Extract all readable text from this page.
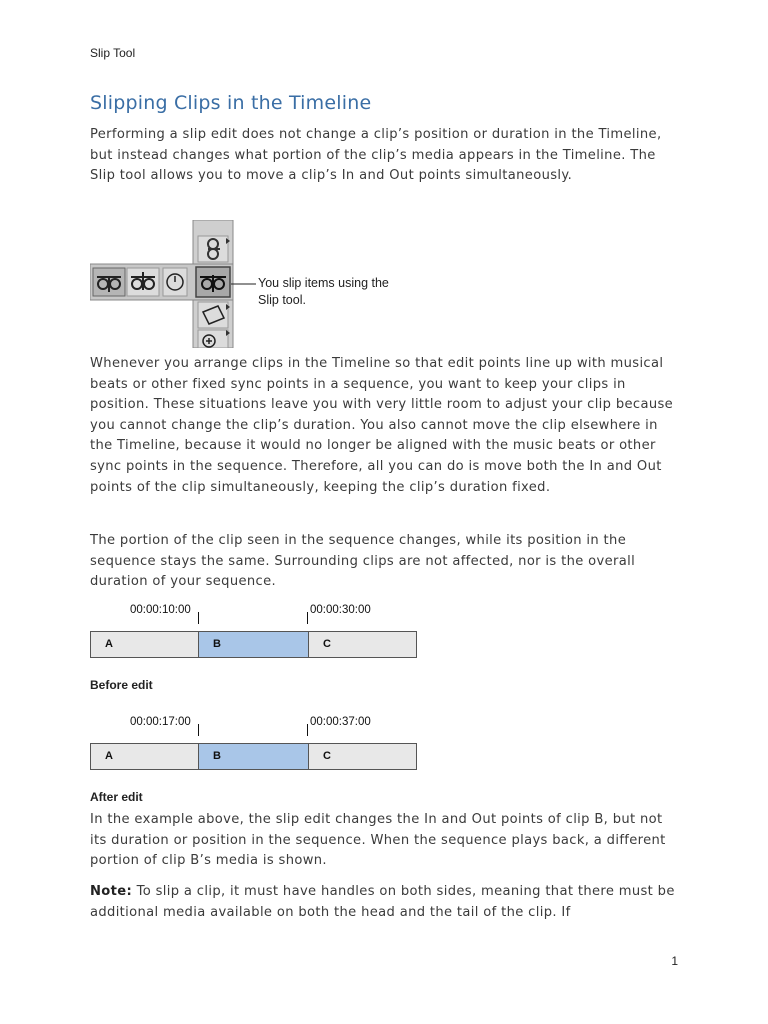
Slip Tool
Slipping Clips in the Timeline
Performing a slip edit does not change a clip’s position or duration in the Timeline, but instead changes what portion of the clip’s media appears in the Timeline. The Slip tool allows you to move a clip’s In and Out points simultaneously.
You slip items using the Slip tool.
Whenever you arrange clips in the Timeline so that edit points line up with musical beats or other fixed sync points in a sequence, you want to keep your clips in position. These situations leave you with very little room to adjust your clip because you cannot change the clip’s duration. You also cannot move the clip elsewhere in the Timeline, because it would no longer be aligned with the music beats or other sync points in the sequence. Therefore, all you can do is move both the In and Out points of the clip simultaneously, keeping the clip’s duration fixed.
The portion of the clip seen in the sequence changes, while its position in the sequence stays the same. Surrounding clips are not affected, nor is the overall duration of your sequence.
00:00:10:00	00:00:30:00
A	B	C
Before edit
00:00:17:00	00:00:37:00
A	B	C
After edit
In the example above, the slip edit changes the In and Out points of clip B, but not its duration or position in the sequence. When the sequence plays back, a different portion of clip B’s media is shown.
Note: To slip a clip, it must have handles on both sides, meaning that there must be additional media available on both the head and the tail of the clip. If
1
